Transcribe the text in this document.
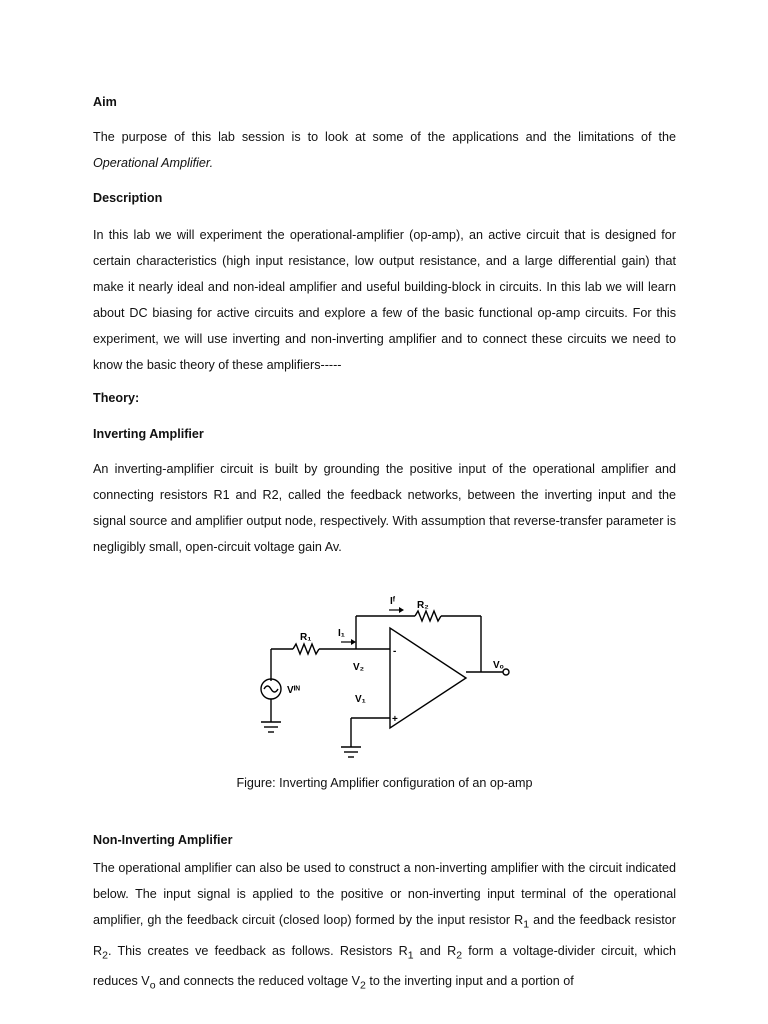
Aim

The purpose of this lab session is to look at some of the applications and the limitations of the Operational Amplifier.

Description

In this lab we will experiment the operational-amplifier (op-amp), an active circuit that is designed for certain characteristics (high input resistance, low output resistance, and a large differential gain) that make it nearly ideal and non-ideal amplifier and useful building-block in circuits. In this lab we will learn about DC biasing for active circuits and explore a few of the basic functional op-amp circuits. For this experiment, we will use inverting and non-inverting amplifier and to connect these circuits we need to know the basic theory of these amplifiers-----

Theory:
Inverting Amplifier

An inverting-amplifier circuit is built by grounding the positive input of the operational amplifier and connecting resistors R1 and R2, called the feedback networks, between the inverting input and the signal source and amplifier output node, respectively. With assumption that reverse-transfer parameter is negligibly small, open-circuit voltage gain Av.

R₁
R₂
I₁
Iᶠ
V₂
V₁
Vᴵᴺ
Vₒ
-
+

Figure: Inverting Amplifier configuration of an op-amp

Non-Inverting Amplifier

The operational amplifier can also be used to construct a non-inverting amplifier with the circuit indicated below. The input signal is applied to the positive or non-inverting input terminal of the operational amplifier, gh the feedback circuit (closed loop) formed by the input resistor $R_1$ and the feedback resistor $R_2$. This creates ve feedback as follows. Resistors $R_1$ and $R_2$ form a voltage-divider circuit, which reduces $V_o$ and connects the reduced voltage $V_2$ to the inverting input and a portion of
